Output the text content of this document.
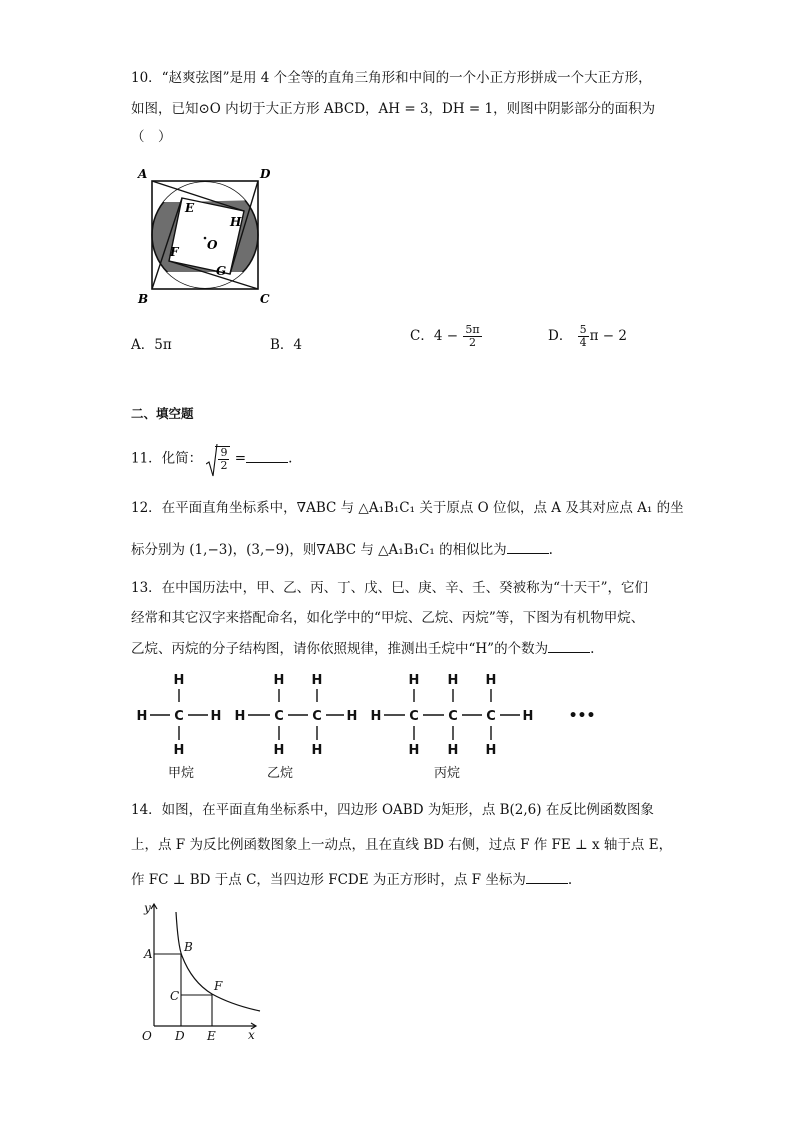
10．“赵爽弦图”是用 4 个全等的直角三角形和中间的一个小正方形拼成一个大正方形，
如图，已知⊙O 内切于大正方形 ABCD，AH = 3，DH = 1，则图中阴影部分的面积为
（　）
A	D
B	C
E
H
F
G
O
A．5π	B．4
C．$4 - \frac{5\pi}{2}$	D． $\frac{5}{4}$ π − 2
二、填空题
11．化简： $\frac{9}{2}$ =	.
12．在平面直角坐标系中，∇ABC 与 △A₁B₁C₁ 关于原点 O 位似，点 A 及其对应点 A₁ 的坐
标分别为 (1,−3)，(3,−9)，则∇ABC 与 △A₁B₁C₁ 的相似比为	.
13．在中国历法中，甲、乙、丙、丁、戊、巳、庚、辛、壬、癸被称为“十天干”，它们
经常和其它汉字来搭配命名，如化学中的“甲烷、乙烷、丙烷”等，下图为有机物甲烷、
乙烷、丙烷的分子结构图，请你依照规律，推测出壬烷中“H”的个数为	.
H
H C H
H
H H
H C C H
H H
H H H
H C C C H
H H H
•••
甲烷	乙烷	丙烷
14．如图，在平面直角坐标系中，四边形 OABD 为矩形，点 B(2,6) 在反比例函数图象
上，点 F 为反比例函数图象上一动点，且在直线 BD 右侧，过点 F 作 FE ⊥ x 轴于点 E，
作 FC ⊥ BD 于点 C，当四边形 FCDE 为正方形时，点 F 坐标为	.
y
x
O
A	B
C
D E
F
